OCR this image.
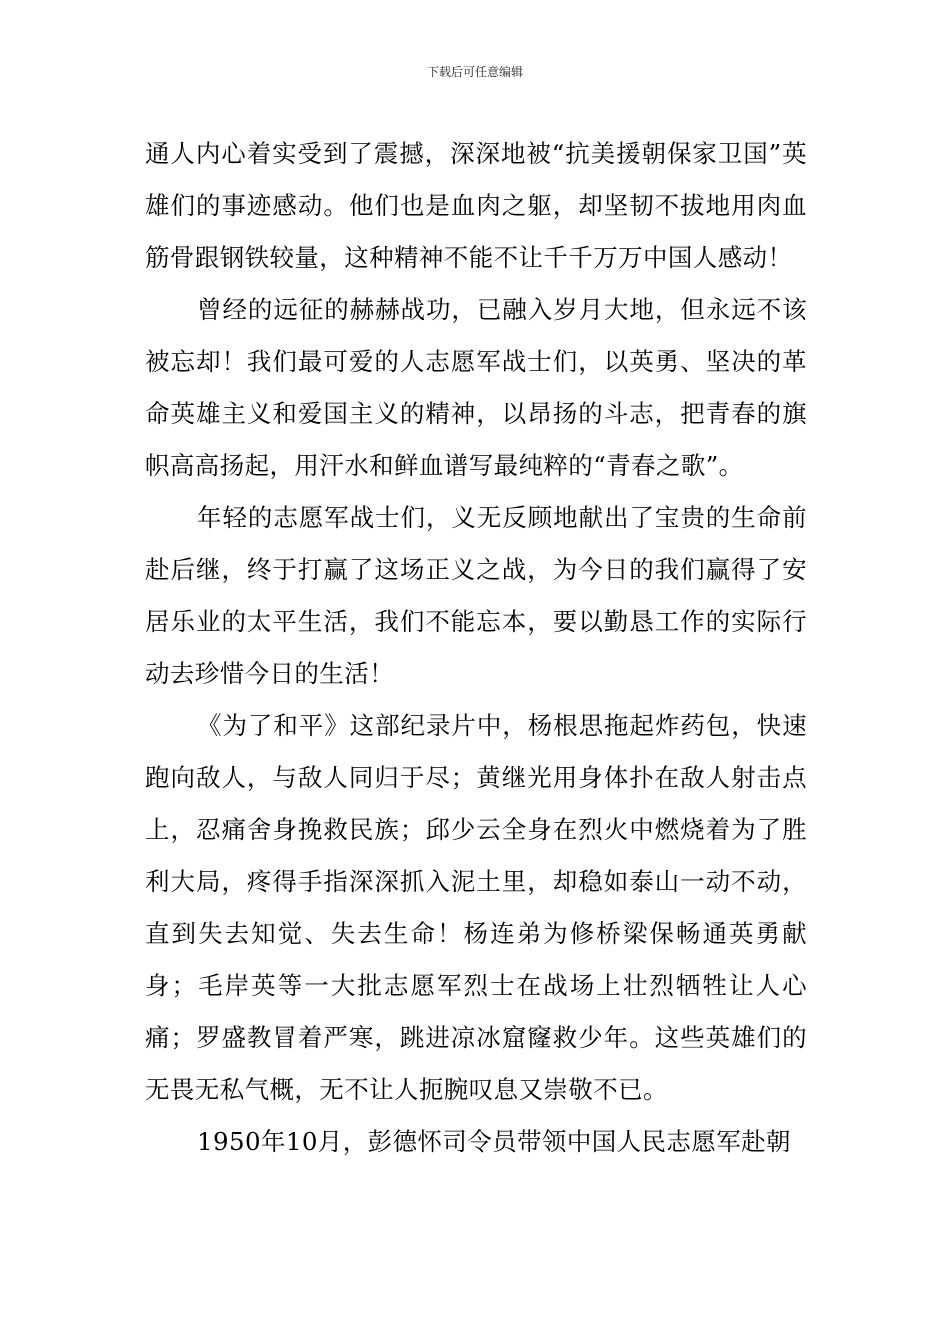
下载后可任意编辑

通人内心着实受到了震撼，深深地被“抗美援朝保家卫国”英雄们的事迹感动。他们也是血肉之躯，却坚韧不拔地用肉血筋骨跟钢铁较量，这种精神不能不让千千万万中国人感动！

曾经的远征的赫赫战功，已融入岁月大地，但永远不该被忘却！我们最可爱的人志愿军战士们，以英勇、坚决的革命英雄主义和爱国主义的精神，以昂扬的斗志，把青春的旗帜高高扬起，用汗水和鲜血谱写最纯粹的“青春之歌”。

年轻的志愿军战士们，义无反顾地献出了宝贵的生命前赴后继，终于打赢了这场正义之战，为今日的我们赢得了安居乐业的太平生活，我们不能忘本，要以勤恳工作的实际行动去珍惜今日的生活！

《为了和平》这部纪录片中，杨根思拖起炸药包，快速跑向敌人，与敌人同归于尽；黄继光用身体扑在敌人射击点上，忍痛舍身挽救民族；邱少云全身在烈火中燃烧着为了胜利大局，疼得手指深深抓入泥土里，却稳如泰山一动不动，直到失去知觉、失去生命！杨连弟为修桥梁保畅通英勇献身；毛岸英等一大批志愿军烈士在战场上壮烈牺牲让人心痛；罗盛教冒着严寒，跳进凉冰窟窿救少年。这些英雄们的无畏无私气概，无不让人扼腕叹息又崇敬不已。

1950年10月，彭德怀司令员带领中国人民志愿军赴朝
